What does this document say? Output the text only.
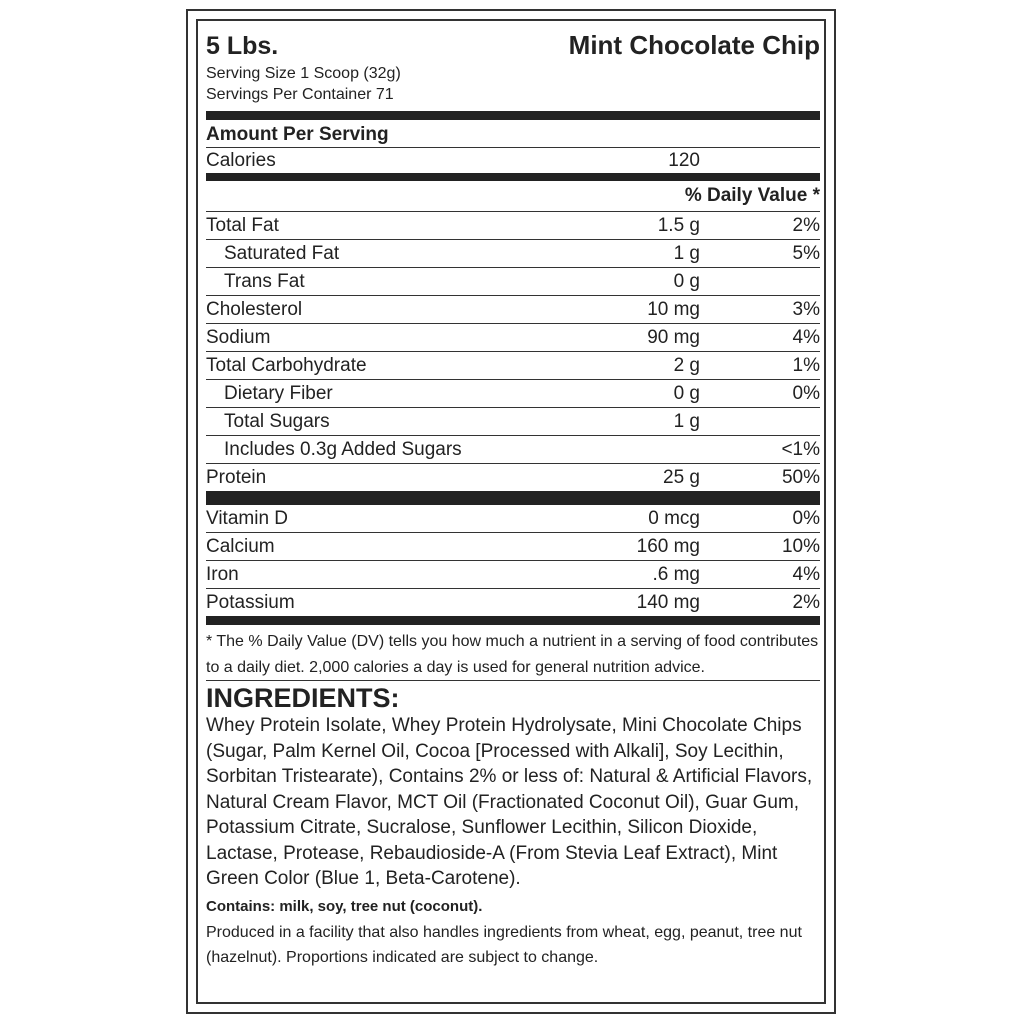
5 Lbs.	Mint Chocolate Chip
Serving Size 1 Scoop (32g)
Servings Per Container 71
Amount Per Serving
Calories	120
% Daily Value *
Total Fat	1.5 g	2%
Saturated Fat	1 g	5%
Trans Fat	0 g
Cholesterol	10 mg	3%
Sodium	90 mg	4%
Total Carbohydrate	2 g	1%
Dietary Fiber	0 g	0%
Total Sugars	1 g
Includes 0.3g Added Sugars	<1%
Protein	25 g	50%
Vitamin D	0 mcg	0%
Calcium	160 mg	10%
Iron	.6 mg	4%
Potassium	140 mg	2%
* The % Daily Value (DV) tells you how much a nutrient in a serving of food contributes to a daily diet. 2,000 calories a day is used for general nutrition advice.
INGREDIENTS:
Whey Protein Isolate, Whey Protein Hydrolysate, Mini Chocolate Chips (Sugar, Palm Kernel Oil, Cocoa [Processed with Alkali], Soy Lecithin, Sorbitan Tristearate), Contains 2% or less of: Natural & Artificial Flavors, Natural Cream Flavor, MCT Oil (Fractionated Coconut Oil), Guar Gum, Potassium Citrate, Sucralose, Sunflower Lecithin, Silicon Dioxide, Lactase, Protease, Rebaudioside-A (From Stevia Leaf Extract), Mint Green Color (Blue 1, Beta-Carotene).
Contains: milk, soy, tree nut (coconut).
Produced in a facility that also handles ingredients from wheat, egg, peanut, tree nut (hazelnut). Proportions indicated are subject to change.
